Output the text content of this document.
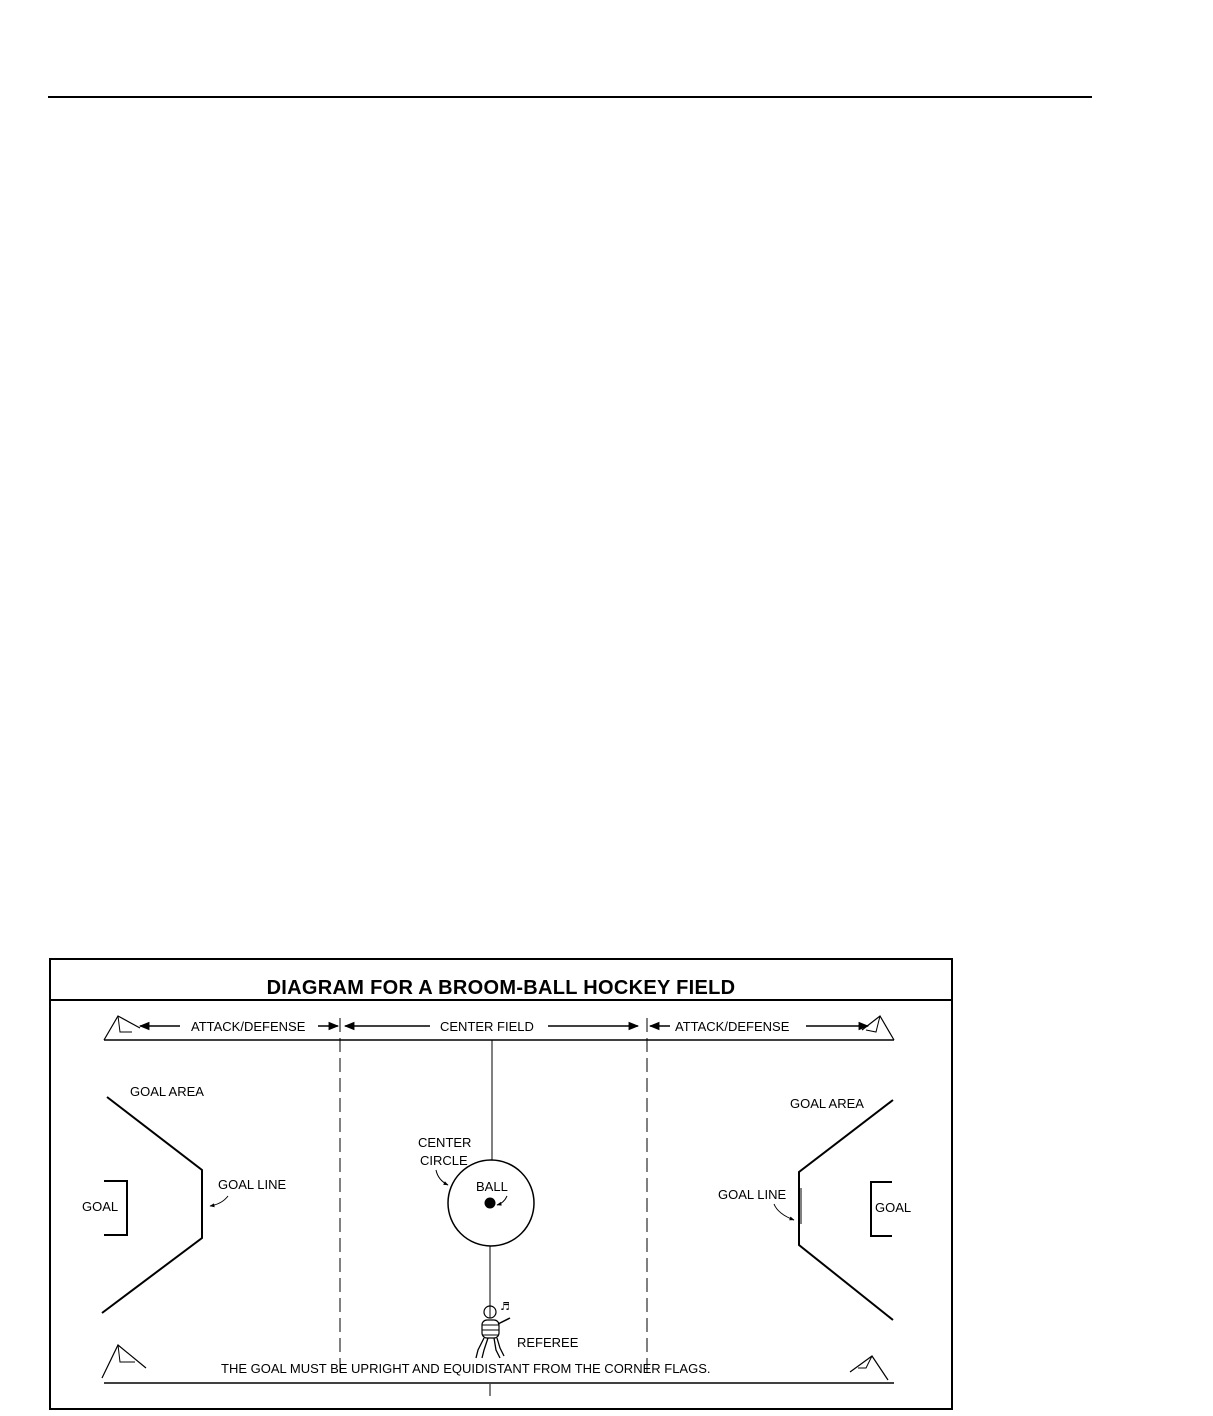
DIAGRAM FOR A BROOM-BALL HOCKEY FIELD
ATTACK/DEFENSE	CENTER FIELD	ATTACK/DEFENSE
CENTER
CIRCLE
BALL
GOAL AREA
GOAL
GOAL LINE
GOAL AREA
GOAL
GOAL LINE
♬
REFEREE
THE GOAL MUST BE UPRIGHT AND EQUIDISTANT FROM THE CORNER FLAGS.
